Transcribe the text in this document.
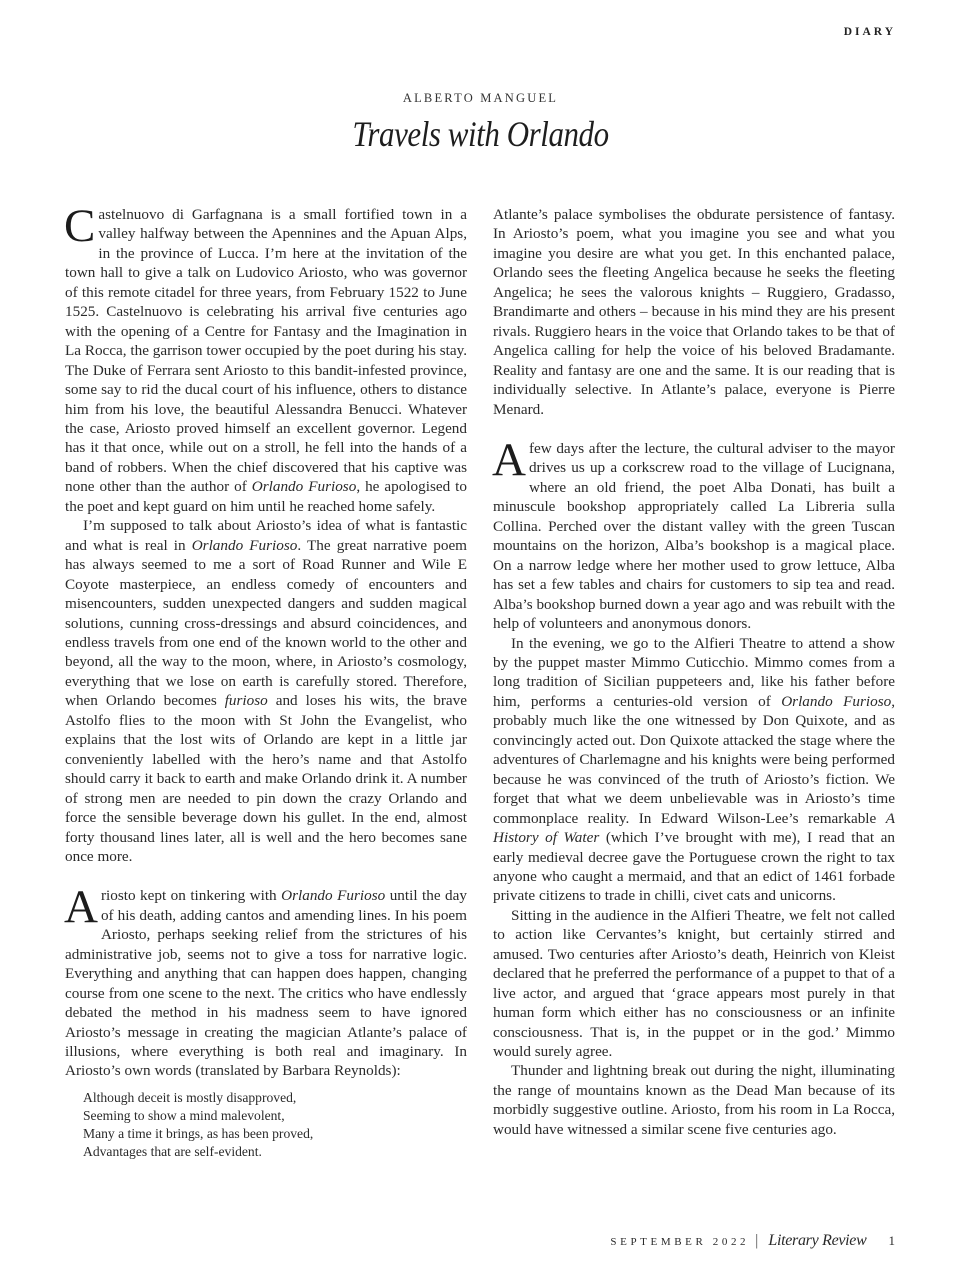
DIARY
ALBERTO MANGUEL
Travels with Orlando

Castelnuovo di Garfagnana is a small fortified town in a valley halfway between the Apennines and the Apuan Alps, in the province of Lucca. I’m here at the invitation of the town hall to give a talk on Ludovico Ariosto, who was governor of this remote citadel for three years, from February 1522 to June 1525. Castelnuovo is celebrating his arrival five centuries ago with the opening of a Centre for Fantasy and the Imagination in La Rocca, the garrison tower occupied by the poet during his stay. The Duke of Ferrara sent Ariosto to this bandit-infested province, some say to rid the ducal court of his influence, others to distance him from his love, the beautiful Alessandra Benucci. Whatever the case, Ariosto proved himself an excellent governor. Legend has it that once, while out on a stroll, he fell into the hands of a band of robbers. When the chief discovered that his captive was none other than the author of Orlando Furioso, he apologised to the poet and kept guard on him until he reached home safely.

I’m supposed to talk about Ariosto’s idea of what is fantastic and what is real in Orlando Furioso. The great narrative poem has always seemed to me a sort of Road Runner and Wile E Coyote masterpiece, an endless comedy of encounters and misencounters, sudden unexpected dangers and sudden magical solutions, cunning cross-dressings and absurd coincidences, and endless travels from one end of the known world to the other and beyond, all the way to the moon, where, in Ariosto’s cosmology, everything that we lose on earth is carefully stored. Therefore, when Orlando becomes furioso and loses his wits, the brave Astolfo flies to the moon with St John the Evangelist, who explains that the lost wits of Orlando are kept in a little jar conveniently labelled with the hero’s name and that Astolfo should carry it back to earth and make Orlando drink it. A number of strong men are needed to pin down the crazy Orlando and force the sensible beverage down his gullet. In the end, almost forty thousand lines later, all is well and the hero becomes sane once more.

Ariosto kept on tinkering with Orlando Furioso until the day of his death, adding cantos and amending lines. In his poem Ariosto, perhaps seeking relief from the strictures of his administrative job, seems not to give a toss for narrative logic. Everything and anything that can happen does happen, changing course from one scene to the next. The critics who have endlessly debated the method in his madness seem to have ignored Ariosto’s message in creating the magician Atlante’s palace of illusions, where everything is both real and imaginary. In Ariosto’s own words (translated by Barbara Reynolds):

Although deceit is mostly disapproved,
Seeming to show a mind malevolent,
Many a time it brings, as has been proved,
Advantages that are self-evident.

Atlante’s palace symbolises the obdurate persistence of fantasy. In Ariosto’s poem, what you imagine you see and what you imagine you desire are what you get. In this enchanted palace, Orlando sees the fleeting Angelica because he seeks the fleeting Angelica; he sees the valorous knights – Ruggiero, Gradasso, Brandimarte and others – because in his mind they are his present rivals. Ruggiero hears in the voice that Orlando takes to be that of Angelica calling for help the voice of his beloved Bradamante. Reality and fantasy are one and the same. It is our reading that is individually selective. In Atlante’s palace, everyone is Pierre Menard.

A few days after the lecture, the cultural adviser to the mayor drives us up a corkscrew road to the village of Lucignana, where an old friend, the poet Alba Donati, has built a minuscule bookshop appropriately called La Libreria sulla Collina. Perched over the distant valley with the green Tuscan mountains on the horizon, Alba’s bookshop is a magical place. On a narrow ledge where her mother used to grow lettuce, Alba has set a few tables and chairs for customers to sip tea and read. Alba’s bookshop burned down a year ago and was rebuilt with the help of volunteers and anonymous donors.

In the evening, we go to the Alfieri Theatre to attend a show by the puppet master Mimmo Cuticchio. Mimmo comes from a long tradition of Sicilian puppeteers and, like his father before him, performs a centuries-old version of Orlando Furioso, probably much like the one witnessed by Don Quixote, and as convincingly acted out. Don Quixote attacked the stage where the adventures of Charlemagne and his knights were being performed because he was convinced of the truth of Ariosto’s fiction. We forget that what we deem unbelievable was in Ariosto’s time commonplace reality. In Edward Wilson-Lee’s remarkable A History of Water (which I’ve brought with me), I read that an early medieval decree gave the Portuguese crown the right to tax anyone who caught a mermaid, and that an edict of 1461 forbade private citizens to trade in chilli, civet cats and unicorns.

Sitting in the audience in the Alfieri Theatre, we felt not called to action like Cervantes’s knight, but certainly stirred and amused. Two centuries after Ariosto’s death, Heinrich von Kleist declared that he preferred the performance of a puppet to that of a live actor, and argued that ‘grace appears most purely in that human form which either has no consciousness or an infinite consciousness. That is, in the puppet or in the god.’ Mimmo would surely agree.

Thunder and lightning break out during the night, illuminating the range of mountains known as the Dead Man because of its morbidly suggestive outline. Ariosto, from his room in La Rocca, would have witnessed a similar scene five centuries ago.

SEPTEMBER 2022 | Literary Review 1
